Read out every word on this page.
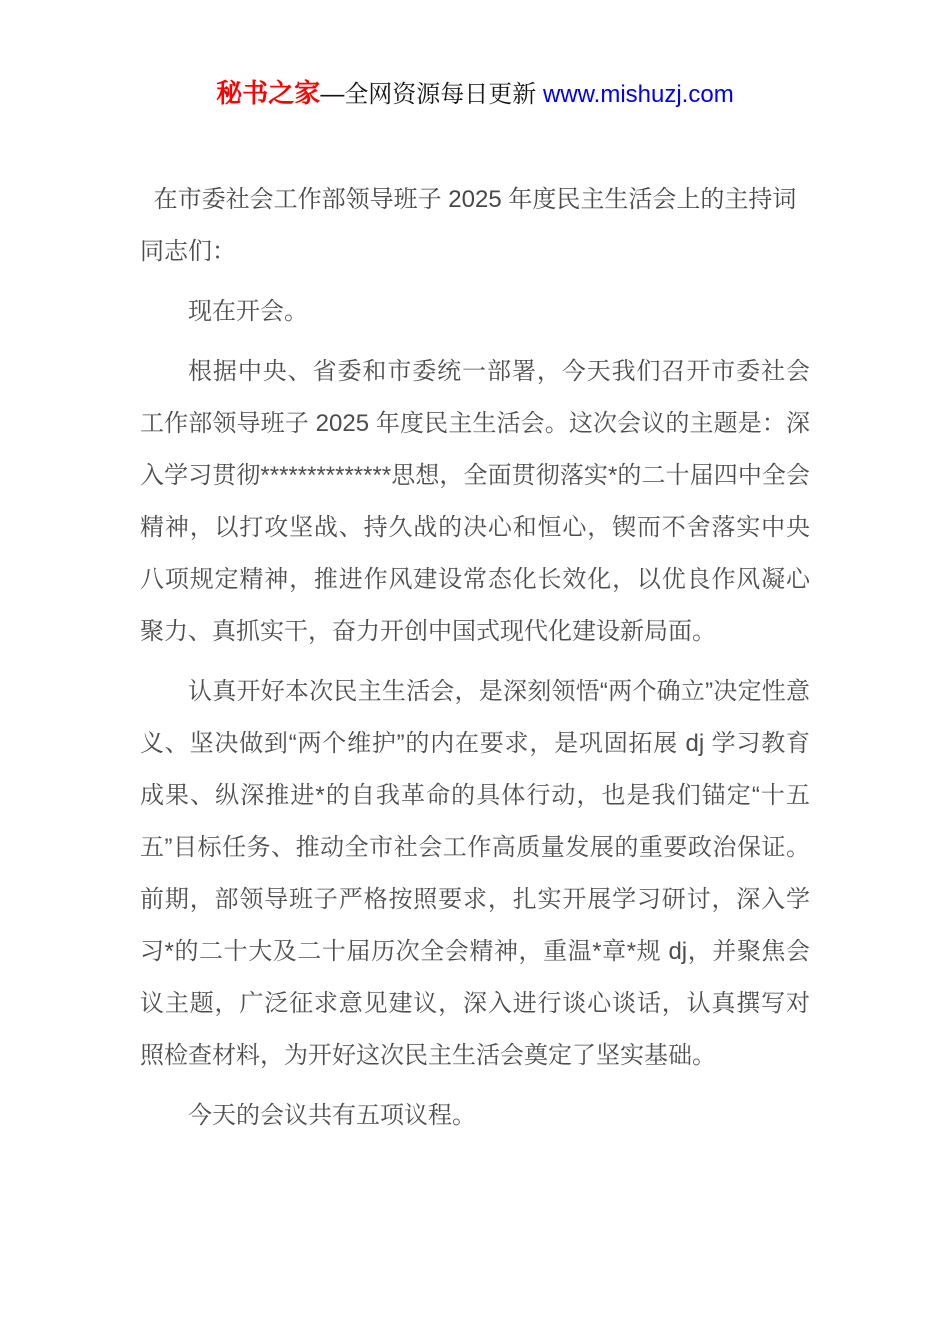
秘书之家—全网资源每日更新 www.mishuzj.com
在市委社会工作部领导班子 2025 年度民主生活会上的主持词

同志们：

现在开会。

根据中央、省委和市委统一部署，今天我们召开市委社会工作部领导班子 2025 年度民主生活会。这次会议的主题是：深入学习贯彻**************思想，全面贯彻落实*的二十届四中全会精神，以打攻坚战、持久战的决心和恒心，锲而不舍落实中央八项规定精神，推进作风建设常态化长效化，以优良作风凝心聚力、真抓实干，奋力开创中国式现代化建设新局面。

认真开好本次民主生活会，是深刻领悟“两个确立”决定性意义、坚决做到“两个维护”的内在要求，是巩固拓展 dj 学习教育成果、纵深推进*的自我革命的具体行动，也是我们锚定“十五五”目标任务、推动全市社会工作高质量发展的重要政治保证。前期，部领导班子严格按照要求，扎实开展学习研讨，深入学习*的二十大及二十届历次全会精神，重温*章*规 dj，并聚焦会议主题，广泛征求意见建议，深入进行谈心谈话，认真撰写对照检查材料，为开好这次民主生活会奠定了坚实基础。

今天的会议共有五项议程。
